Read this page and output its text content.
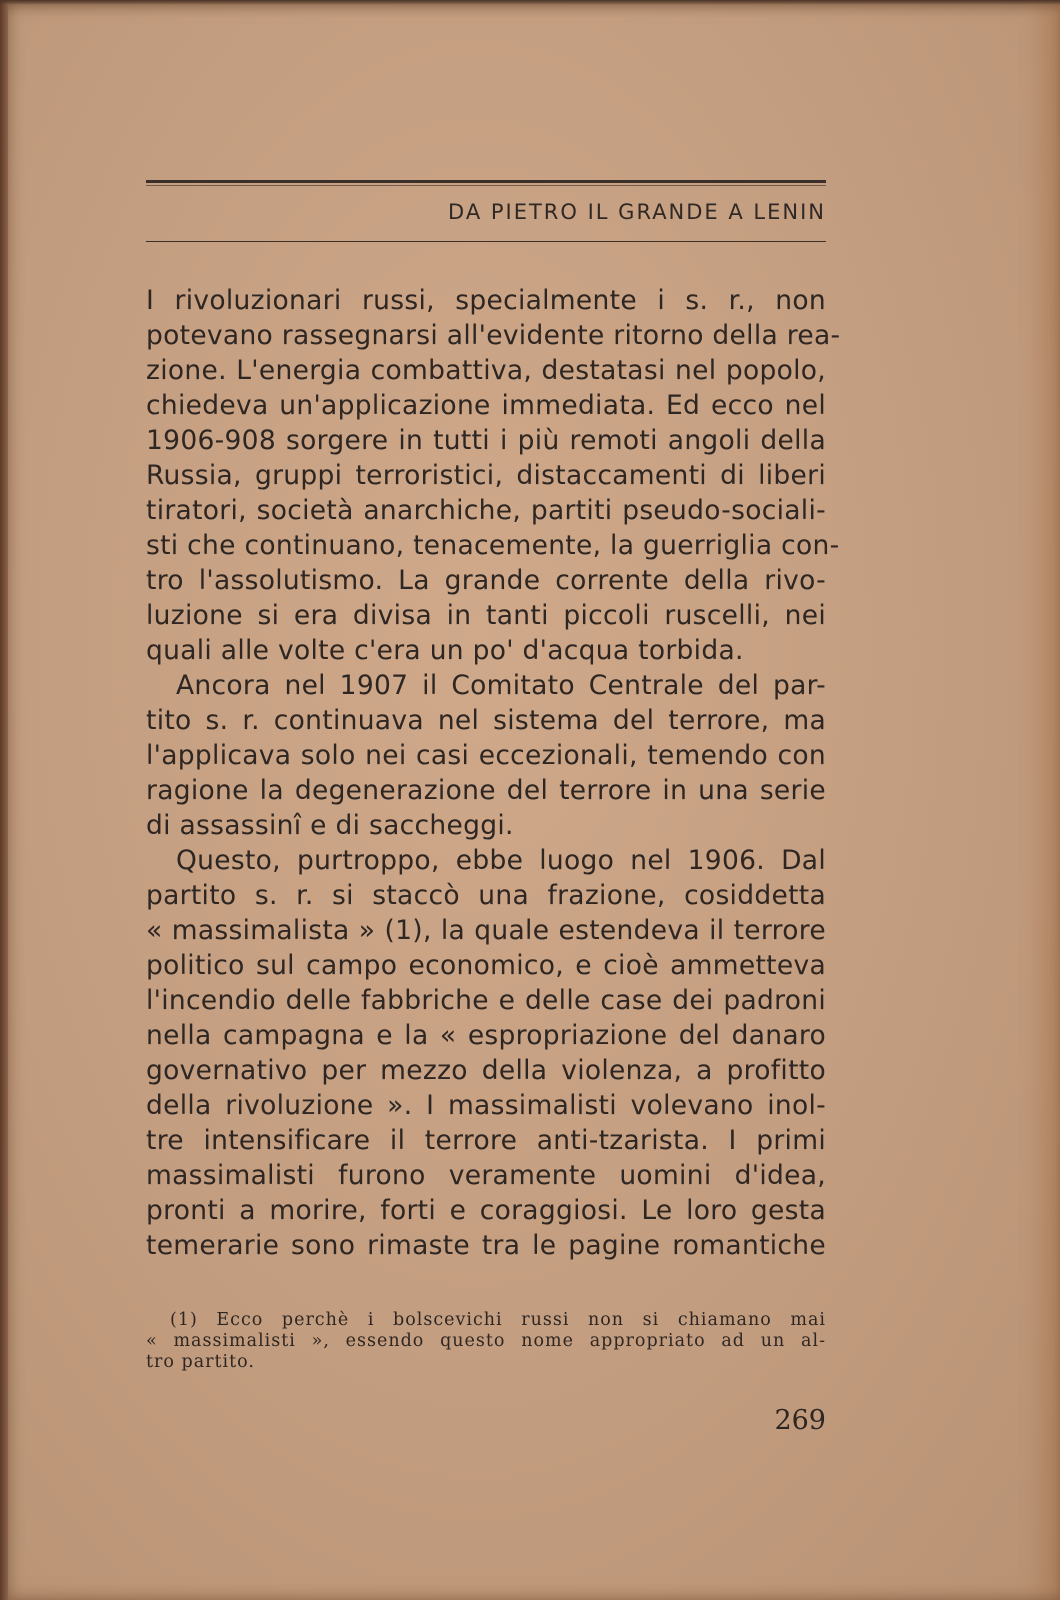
DA PIETRO IL GRANDE A LENIN
I rivoluzionari russi, specialmente i s. r., non
potevano rassegnarsi all'evidente ritorno della rea-
zione. L'energia combattiva, destatasi nel popolo,
chiedeva un'applicazione immediata. Ed ecco nel
1906-908 sorgere in tutti i più remoti angoli della
Russia, gruppi terroristici, distaccamenti di liberi
tiratori, società anarchiche, partiti pseudo-sociali-
sti che continuano, tenacemente, la guerriglia con-
tro l'assolutismo. La grande corrente della rivo-
luzione si era divisa in tanti piccoli ruscelli, nei
quali alle volte c'era un po' d'acqua torbida.
Ancora nel 1907 il Comitato Centrale del par-
tito s. r. continuava nel sistema del terrore, ma
l'applicava solo nei casi eccezionali, temendo con
ragione la degenerazione del terrore in una serie
di assassinî e di saccheggi.
Questo, purtroppo, ebbe luogo nel 1906. Dal
partito s. r. si staccò una frazione, cosiddetta
« massimalista » (1), la quale estendeva il terrore
politico sul campo economico, e cioè ammetteva
l'incendio delle fabbriche e delle case dei padroni
nella campagna e la « espropriazione del danaro
governativo per mezzo della violenza, a profitto
della rivoluzione ». I massimalisti volevano inol-
tre intensificare il terrore anti-tzarista. I primi
massimalisti furono veramente uomini d'idea,
pronti a morire, forti e coraggiosi. Le loro gesta
temerarie sono rimaste tra le pagine romantiche
(1) Ecco perchè i bolscevichi russi non si chiamano mai
« massimalisti », essendo questo nome appropriato ad un al-
tro partito.
269
